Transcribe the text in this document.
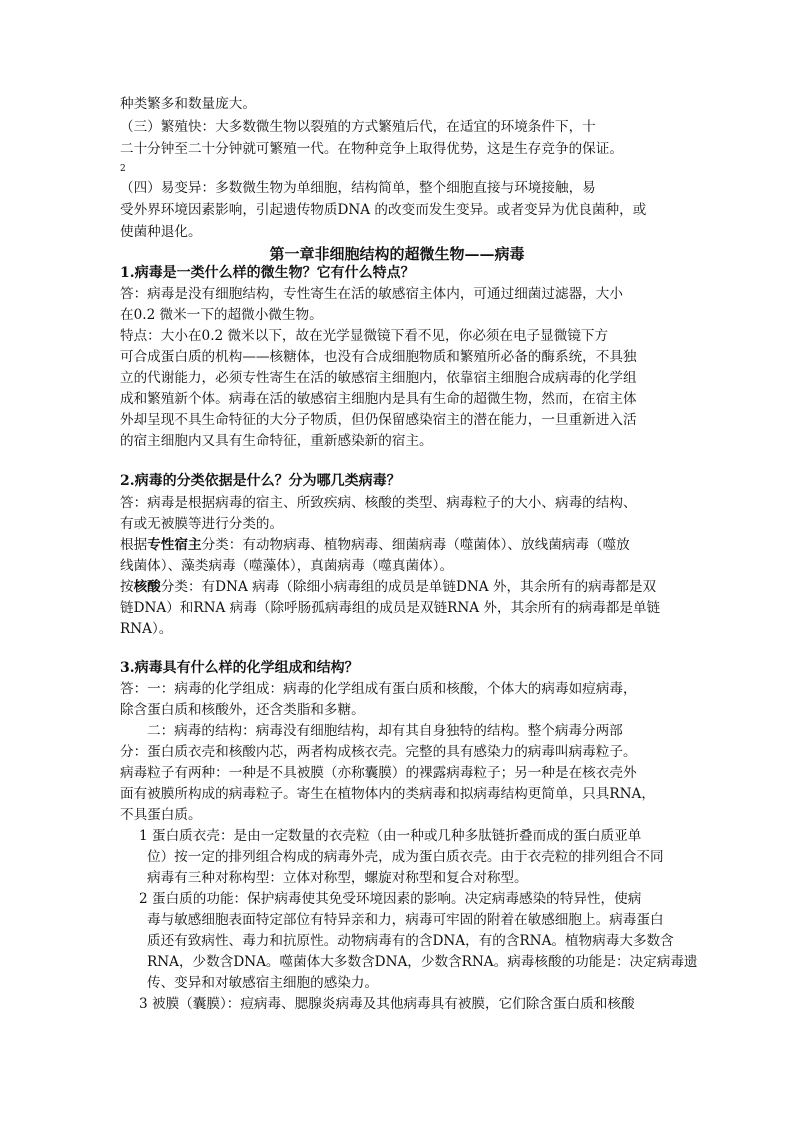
种类繁多和数量庞大。
（三）繁殖快：大多数微生物以裂殖的方式繁殖后代，在适宜的环境条件下，十
二十分钟至二十分钟就可繁殖一代。在物种竞争上取得优势，这是生存竞争的保证。
2
（四）易变异：多数微生物为单细胞，结构简单，整个细胞直接与环境接触，易
受外界环境因素影响，引起遗传物质DNA 的改变而发生变异。或者变异为优良菌种，或
使菌种退化。
第一章非细胞结构的超微生物——病毒
1.病毒是一类什么样的微生物？它有什么特点？
答：病毒是没有细胞结构，专性寄生在活的敏感宿主体内，可通过细菌过滤器，大小
在0.2 微米一下的超微小微生物。
特点：大小在0.2 微米以下，故在光学显微镜下看不见，你必须在电子显微镜下方
可合成蛋白质的机构——核糖体，也没有合成细胞物质和繁殖所必备的酶系统，不具独
立的代谢能力，必须专性寄生在活的敏感宿主细胞内，依靠宿主细胞合成病毒的化学组
成和繁殖新个体。病毒在活的敏感宿主细胞内是具有生命的超微生物，然而，在宿主体
外却呈现不具生命特征的大分子物质，但仍保留感染宿主的潜在能力，一旦重新进入活
的宿主细胞内又具有生命特征，重新感染新的宿主。
2.病毒的分类依据是什么？分为哪几类病毒？
答：病毒是根据病毒的宿主、所致疾病、核酸的类型、病毒粒子的大小、病毒的结构、
有或无被膜等进行分类的。
根据专性宿主分类：有动物病毒、植物病毒、细菌病毒（噬菌体）、放线菌病毒（噬放
线菌体）、藻类病毒（噬藻体），真菌病毒（噬真菌体）。
按核酸分类：有DNA 病毒（除细小病毒组的成员是单链DNA 外，其余所有的病毒都是双
链DNA）和RNA 病毒（除呼肠孤病毒组的成员是双链RNA 外，其余所有的病毒都是单链
RNA）。
3.病毒具有什么样的化学组成和结构？
答：一：病毒的化学组成：病毒的化学组成有蛋白质和核酸，个体大的病毒如痘病毒，
除含蛋白质和核酸外，还含类脂和多糖。
二：病毒的结构：病毒没有细胞结构，却有其自身独特的结构。整个病毒分两部
分：蛋白质衣壳和核酸内芯，两者构成核衣壳。完整的具有感染力的病毒叫病毒粒子。
病毒粒子有两种：一种是不具被膜（亦称囊膜）的裸露病毒粒子；另一种是在核衣壳外
面有被膜所构成的病毒粒子。寄生在植物体内的类病毒和拟病毒结构更简单，只具RNA，
不具蛋白质。
1 蛋白质衣壳：是由一定数量的衣壳粒（由一种或几种多肽链折叠而成的蛋白质亚单
位）按一定的排列组合构成的病毒外壳，成为蛋白质衣壳。由于衣壳粒的排列组合不同
病毒有三种对称构型：立体对称型，螺旋对称型和复合对称型。
2 蛋白质的功能：保护病毒使其免受环境因素的影响。决定病毒感染的特异性，使病
毒与敏感细胞表面特定部位有特异亲和力，病毒可牢固的附着在敏感细胞上。病毒蛋白
质还有致病性、毒力和抗原性。动物病毒有的含DNA，有的含RNA。植物病毒大多数含
RNA，少数含DNA。噬菌体大多数含DNA，少数含RNA。病毒核酸的功能是：决定病毒遗
传、变异和对敏感宿主细胞的感染力。
3 被膜（囊膜）：痘病毒、腮腺炎病毒及其他病毒具有被膜，它们除含蛋白质和核酸
